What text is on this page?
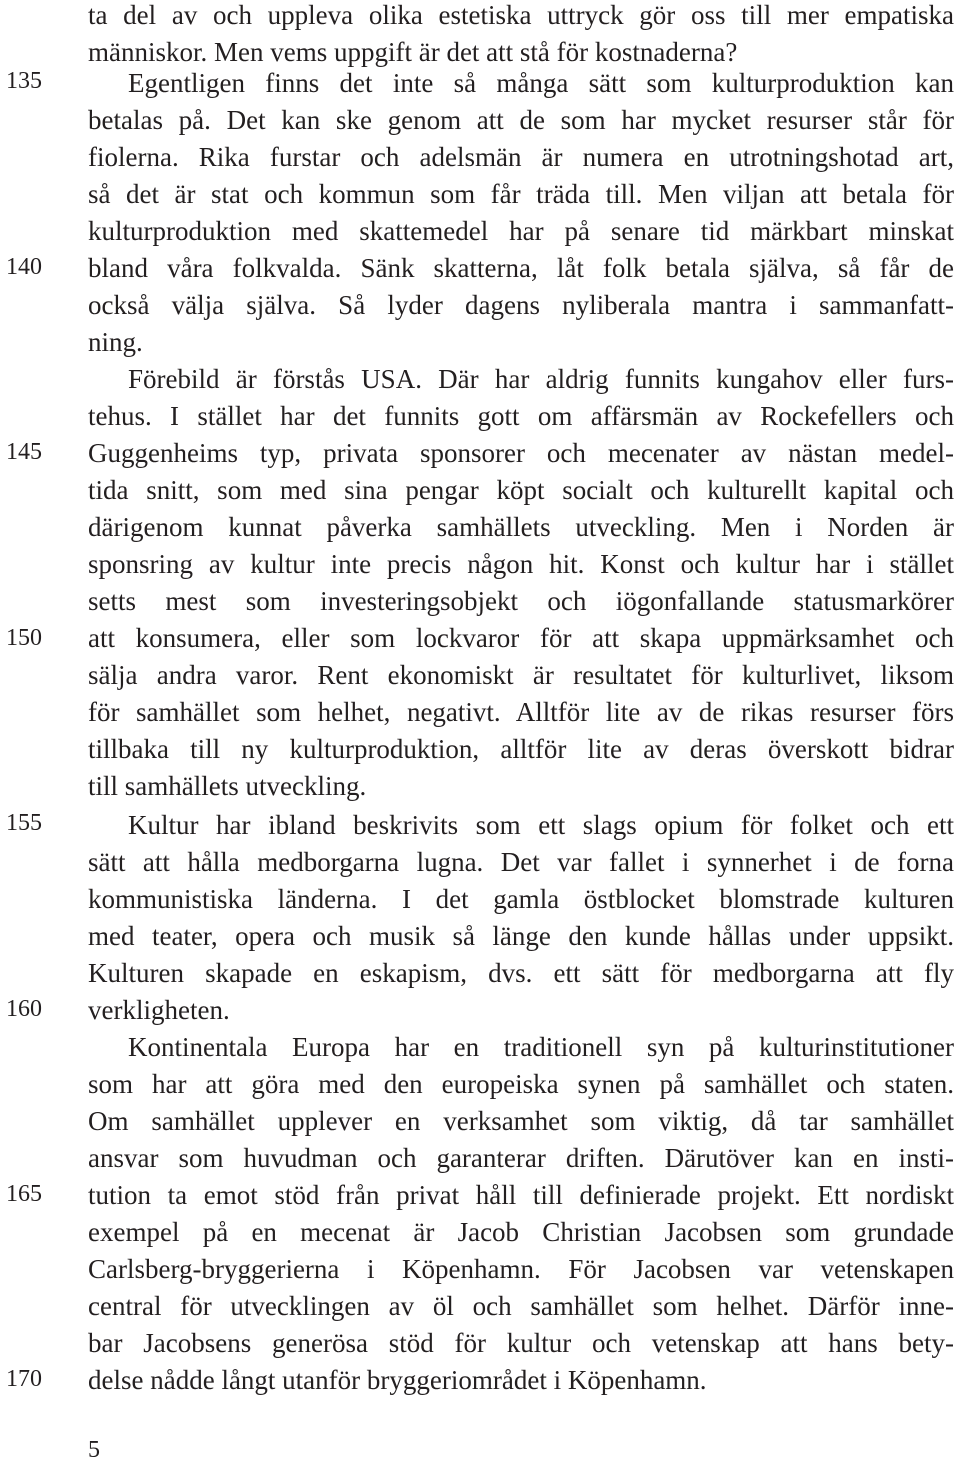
135
140
145
150
155
160
165
170
ta del av och uppleva olika estetiska uttryck gör oss till mer empatiska
människor. Men vems uppgift är det att stå för kostnaderna?
Egentligen finns det inte så många sätt som kulturproduktion kan
betalas på. Det kan ske genom att de som har mycket resurser står för
fiolerna. Rika furstar och adelsmän är numera en utrotningshotad art,
så det är stat och kommun som får träda till. Men viljan att betala för
kulturproduktion med skattemedel har på senare tid märkbart minskat
bland våra folkvalda. Sänk skatterna, låt folk betala själva, så får de
också välja själva. Så lyder dagens nyliberala mantra i sammanfatt-
ning.
Förebild är förstås USA. Där har aldrig funnits kungahov eller furs-
tehus. I stället har det funnits gott om affärsmän av Rockefellers och
Guggenheims typ, privata sponsorer och mecenater av nästan medel-
tida snitt, som med sina pengar köpt socialt och kulturellt kapital och
därigenom kunnat påverka samhällets utveckling. Men i Norden är
sponsring av kultur inte precis någon hit. Konst och kultur har i stället
setts mest som investeringsobjekt och iögonfallande statusmarkörer
att konsumera, eller som lockvaror för att skapa uppmärksamhet och
sälja andra varor. Rent ekonomiskt är resultatet för kulturlivet, liksom
för samhället som helhet, negativt. Alltför lite av de rikas resurser förs
tillbaka till ny kulturproduktion, alltför lite av deras överskott bidrar
till samhällets utveckling.
Kultur har ibland beskrivits som ett slags opium för folket och ett
sätt att hålla medborgarna lugna. Det var fallet i synnerhet i de forna
kommunistiska länderna. I det gamla östblocket blomstrade kulturen
med teater, opera och musik så länge den kunde hållas under uppsikt.
Kulturen skapade en eskapism, dvs. ett sätt för medborgarna att fly
verkligheten.
Kontinentala Europa har en traditionell syn på kulturinstitutioner
som har att göra med den europeiska synen på samhället och staten.
Om samhället upplever en verksamhet som viktig, då tar samhället
ansvar som huvudman och garanterar driften. Därutöver kan en insti-
tution ta emot stöd från privat håll till definierade projekt. Ett nordiskt
exempel på en mecenat är Jacob Christian Jacobsen som grundade
Carlsberg-bryggerierna i Köpenhamn. För Jacobsen var vetenskapen
central för utvecklingen av öl och samhället som helhet. Därför inne-
bar Jacobsens generösa stöd för kultur och vetenskap att hans bety-
delse nådde långt utanför bryggeriområdet i Köpenhamn.
5
